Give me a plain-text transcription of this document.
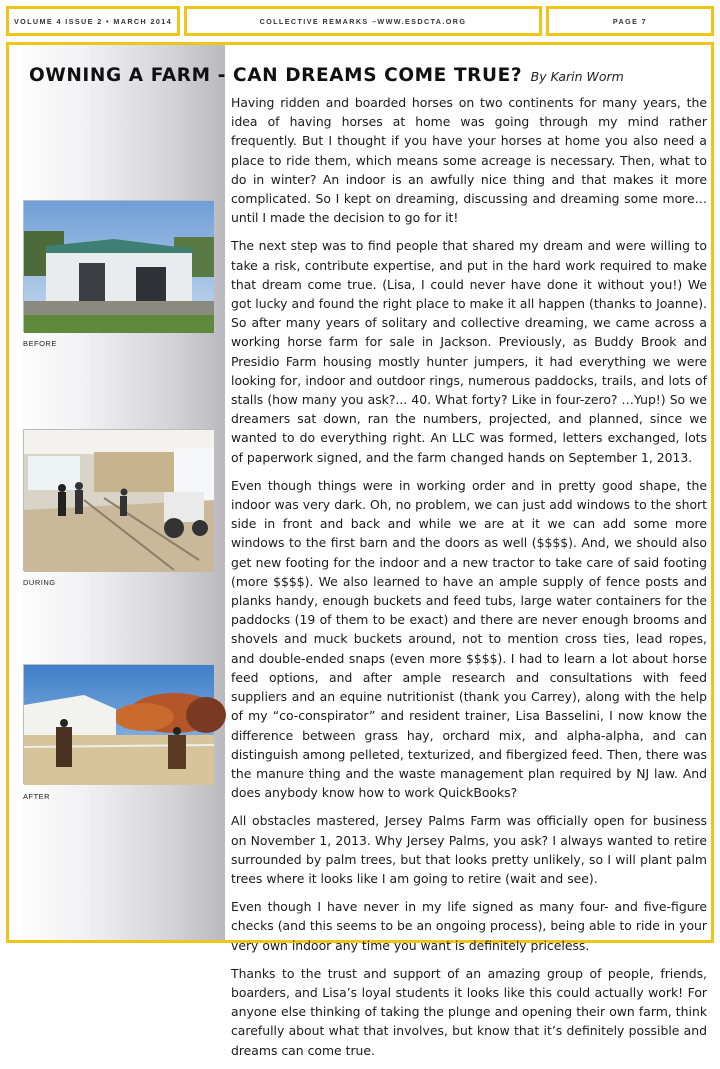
VOLUME 4 ISSUE 2 • MARCH 2014	COLLECTIVE REMARKS –WWW.ESDCTA.ORG	PAGE 7
OWNING A FARM - CAN DREAMS COME TRUE? By Karin Worm
BEFORE
DURING
AFTER

Having ridden and boarded horses on two continents for many years, the idea of having horses at home was going through my mind rather frequently. But I thought if you have your horses at home you also need a place to ride them, which means some acreage is necessary. Then, what to do in winter? An indoor is an awfully nice thing and that makes it more complicated. So I kept on dreaming, discussing and dreaming some more… until I made the decision to go for it!

The next step was to find people that shared my dream and were willing to take a risk, contribute expertise, and put in the hard work required to make that dream come true. (Lisa, I could never have done it without you!) We got lucky and found the right place to make it all happen (thanks to Joanne). So after many years of solitary and collective dreaming, we came across a working horse farm for sale in Jackson. Previously, as Buddy Brook and Presidio Farm housing mostly hunter jumpers, it had everything we were looking for, indoor and outdoor rings, numerous paddocks, trails, and lots of stalls (how many you ask?... 40. What forty? Like in four-zero? …Yup!) So we dreamers sat down, ran the numbers, projected, and planned, since we wanted to do everything right. An LLC was formed, letters exchanged, lots of paperwork signed, and the farm changed hands on September 1, 2013.

Even though things were in working order and in pretty good shape, the indoor was very dark. Oh, no problem, we can just add windows to the short side in front and back and while we are at it we can add some more windows to the first barn and the doors as well ($$$$). And, we should also get new footing for the indoor and a new tractor to take care of said footing (more $$$$). We also learned to have an ample supply of fence posts and planks handy, enough buckets and feed tubs, large water containers for the paddocks (19 of them to be exact) and there are never enough brooms and shovels and muck buckets around, not to mention cross ties, lead ropes, and double-ended snaps (even more $$$$). I had to learn a lot about horse feed options, and after ample research and consultations with feed suppliers and an equine nutritionist (thank you Carrey), along with the help of my “co-conspirator” and resident trainer, Lisa Basselini, I now know the difference between grass hay, orchard mix, and alpha-alpha, and can distinguish among pelleted, texturized, and fibergized feed. Then, there was the manure thing and the waste management plan required by NJ law. And does anybody know how to work QuickBooks?

All obstacles mastered, Jersey Palms Farm was officially open for business on November 1, 2013. Why Jersey Palms, you ask? I always wanted to retire surrounded by palm trees, but that looks pretty unlikely, so I will plant palm trees where it looks like I am going to retire (wait and see).

Even though I have never in my life signed as many four- and five-figure checks (and this seems to be an ongoing process), being able to ride in your very own indoor any time you want is definitely priceless.

Thanks to the trust and support of an amazing group of people, friends, boarders, and Lisa’s loyal students it looks like this could actually work! For anyone else thinking of taking the plunge and opening their own farm, think carefully about what that involves, but know that it’s definitely possible and dreams can come true.
